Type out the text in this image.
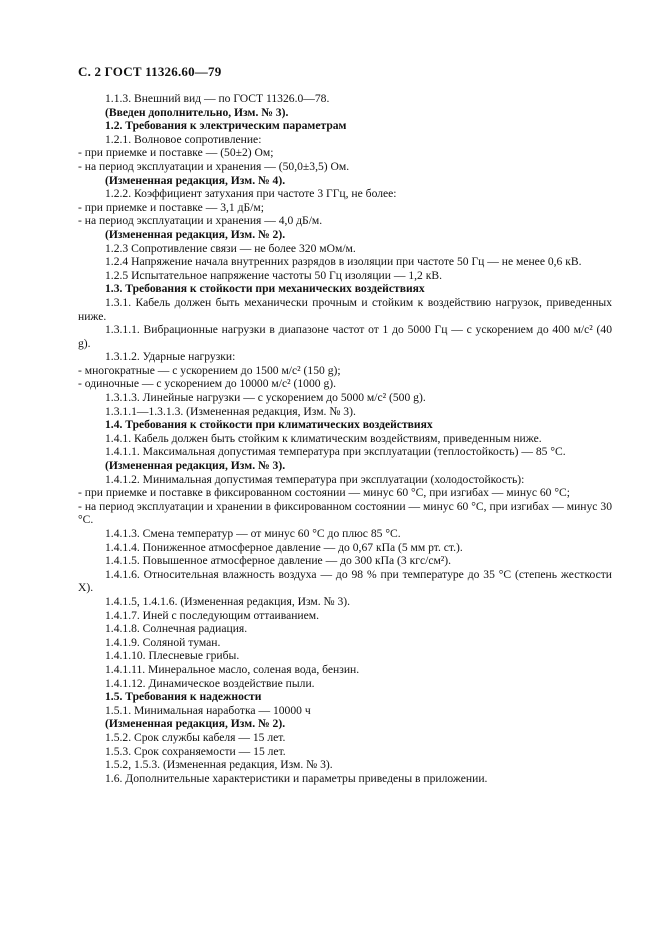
С. 2 ГОСТ 11326.60—79

1.1.3. Внешний вид — по ГОСТ 11326.0—78.

(Введен дополнительно, Изм. № 3).

1.2. Требования к электрическим параметрам

1.2.1. Волновое сопротивление:

- при приемке и поставке — (50±2) Ом;

- на период эксплуатации и хранения — (50,0±3,5) Ом.

(Измененная редакция, Изм. № 4).

1.2.2. Коэффициент затухания при частоте 3 ГГц, не более:

- при приемке и поставке — 3,1 дБ/м;

- на период эксплуатации и хранения — 4,0 дБ/м.

(Измененная редакция, Изм. № 2).

1.2.3 Сопротивление связи — не более 320 мОм/м.

1.2.4 Напряжение начала внутренних разрядов в изоляции при частоте 50 Гц — не менее 0,6 кВ.

1.2.5 Испытательное напряжение частоты 50 Гц изоляции — 1,2 кВ.

1.3. Требования к стойкости при механических воздействиях

1.3.1. Кабель должен быть механически прочным и стойким к воздействию нагрузок, приведенных ниже.

1.3.1.1. Вибрационные нагрузки в диапазоне частот от 1 до 5000 Гц — с ускорением до 400 м/с² (40 g).

1.3.1.2. Ударные нагрузки:

- многократные — с ускорением до 1500 м/с² (150 g);

- одиночные — с ускорением до 10000 м/с² (1000 g).

1.3.1.3. Линейные нагрузки — с ускорением до 5000 м/с² (500 g).

1.3.1.1—1.3.1.3. (Измененная редакция, Изм. № 3).

1.4. Требования к стойкости при климатических воздействиях

1.4.1. Кабель должен быть стойким к климатическим воздействиям, приведенным ниже.

1.4.1.1. Максимальная допустимая температура при эксплуатации (теплостойкость) — 85 °С.

(Измененная редакция, Изм. № 3).

1.4.1.2. Минимальная допустимая температура при эксплуатации (холодостойкость):

- при приемке и поставке в фиксированном состоянии — минус 60 °С, при изгибах — минус 60 °С;

- на период эксплуатации и хранении в фиксированном состоянии — минус 60 °С, при изгибах — минус 30 °С.

1.4.1.3. Смена температур — от минус 60 °С до плюс 85 °С.

1.4.1.4. Пониженное атмосферное давление — до 0,67 кПа (5 мм рт. ст.).

1.4.1.5. Повышенное атмосферное давление — до 300 кПа (3 кгс/см²).

1.4.1.6. Относительная влажность воздуха — до 98 % при температуре до 35 °С (степень жесткости X).

1.4.1.5, 1.4.1.6. (Измененная редакция, Изм. № 3).

1.4.1.7. Иней с последующим оттаиванием.

1.4.1.8. Солнечная радиация.

1.4.1.9. Соляной туман.

1.4.1.10. Плесневые грибы.

1.4.1.11. Минеральное масло, соленая вода, бензин.

1.4.1.12. Динамическое воздействие пыли.

1.5. Требования к надежности

1.5.1. Минимальная наработка — 10000 ч

(Измененная редакция, Изм. № 2).

1.5.2. Срок службы кабеля — 15 лет.

1.5.3. Срок сохраняемости — 15 лет.

1.5.2, 1.5.3. (Измененная редакция, Изм. № 3).

1.6. Дополнительные характеристики и параметры приведены в приложении.
